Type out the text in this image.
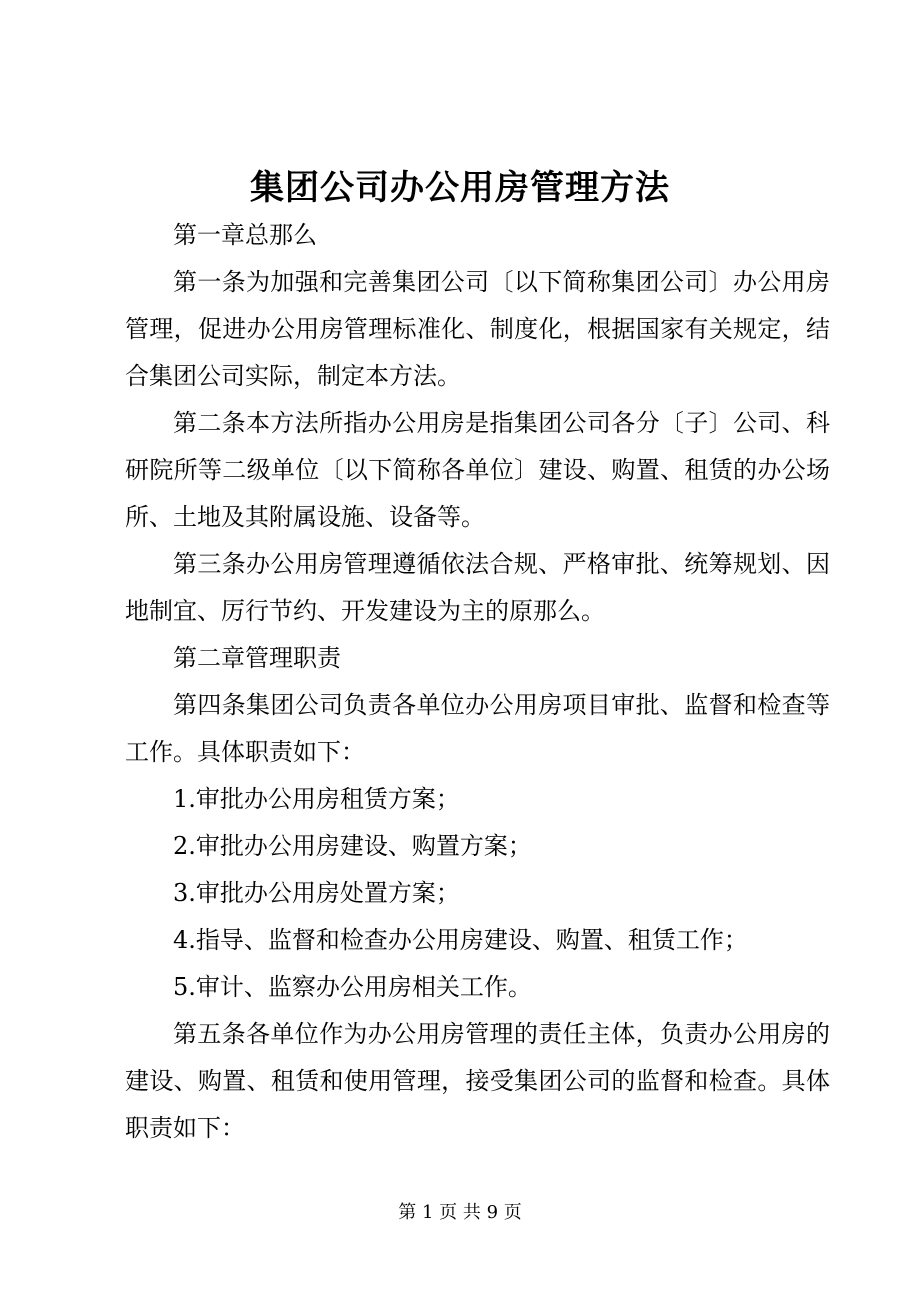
集团公司办公用房管理方法

第一章总那么

第一条为加强和完善集团公司〔以下简称集团公司〕办公用房管理，促进办公用房管理标准化、制度化，根据国家有关规定，结合集团公司实际，制定本方法。

第二条本方法所指办公用房是指集团公司各分〔子〕公司、科研院所等二级单位〔以下简称各单位〕建设、购置、租赁的办公场所、土地及其附属设施、设备等。

第三条办公用房管理遵循依法合规、严格审批、统筹规划、因地制宜、厉行节约、开发建设为主的原那么。

第二章管理职责

第四条集团公司负责各单位办公用房项目审批、监督和检查等工作。具体职责如下：

1.审批办公用房租赁方案；

2.审批办公用房建设、购置方案；

3.审批办公用房处置方案；

4.指导、监督和检查办公用房建设、购置、租赁工作；

5.审计、监察办公用房相关工作。

第五条各单位作为办公用房管理的责任主体，负责办公用房的建设、购置、租赁和使用管理，接受集团公司的监督和检查。具体职责如下：

第 1 页 共 9 页
